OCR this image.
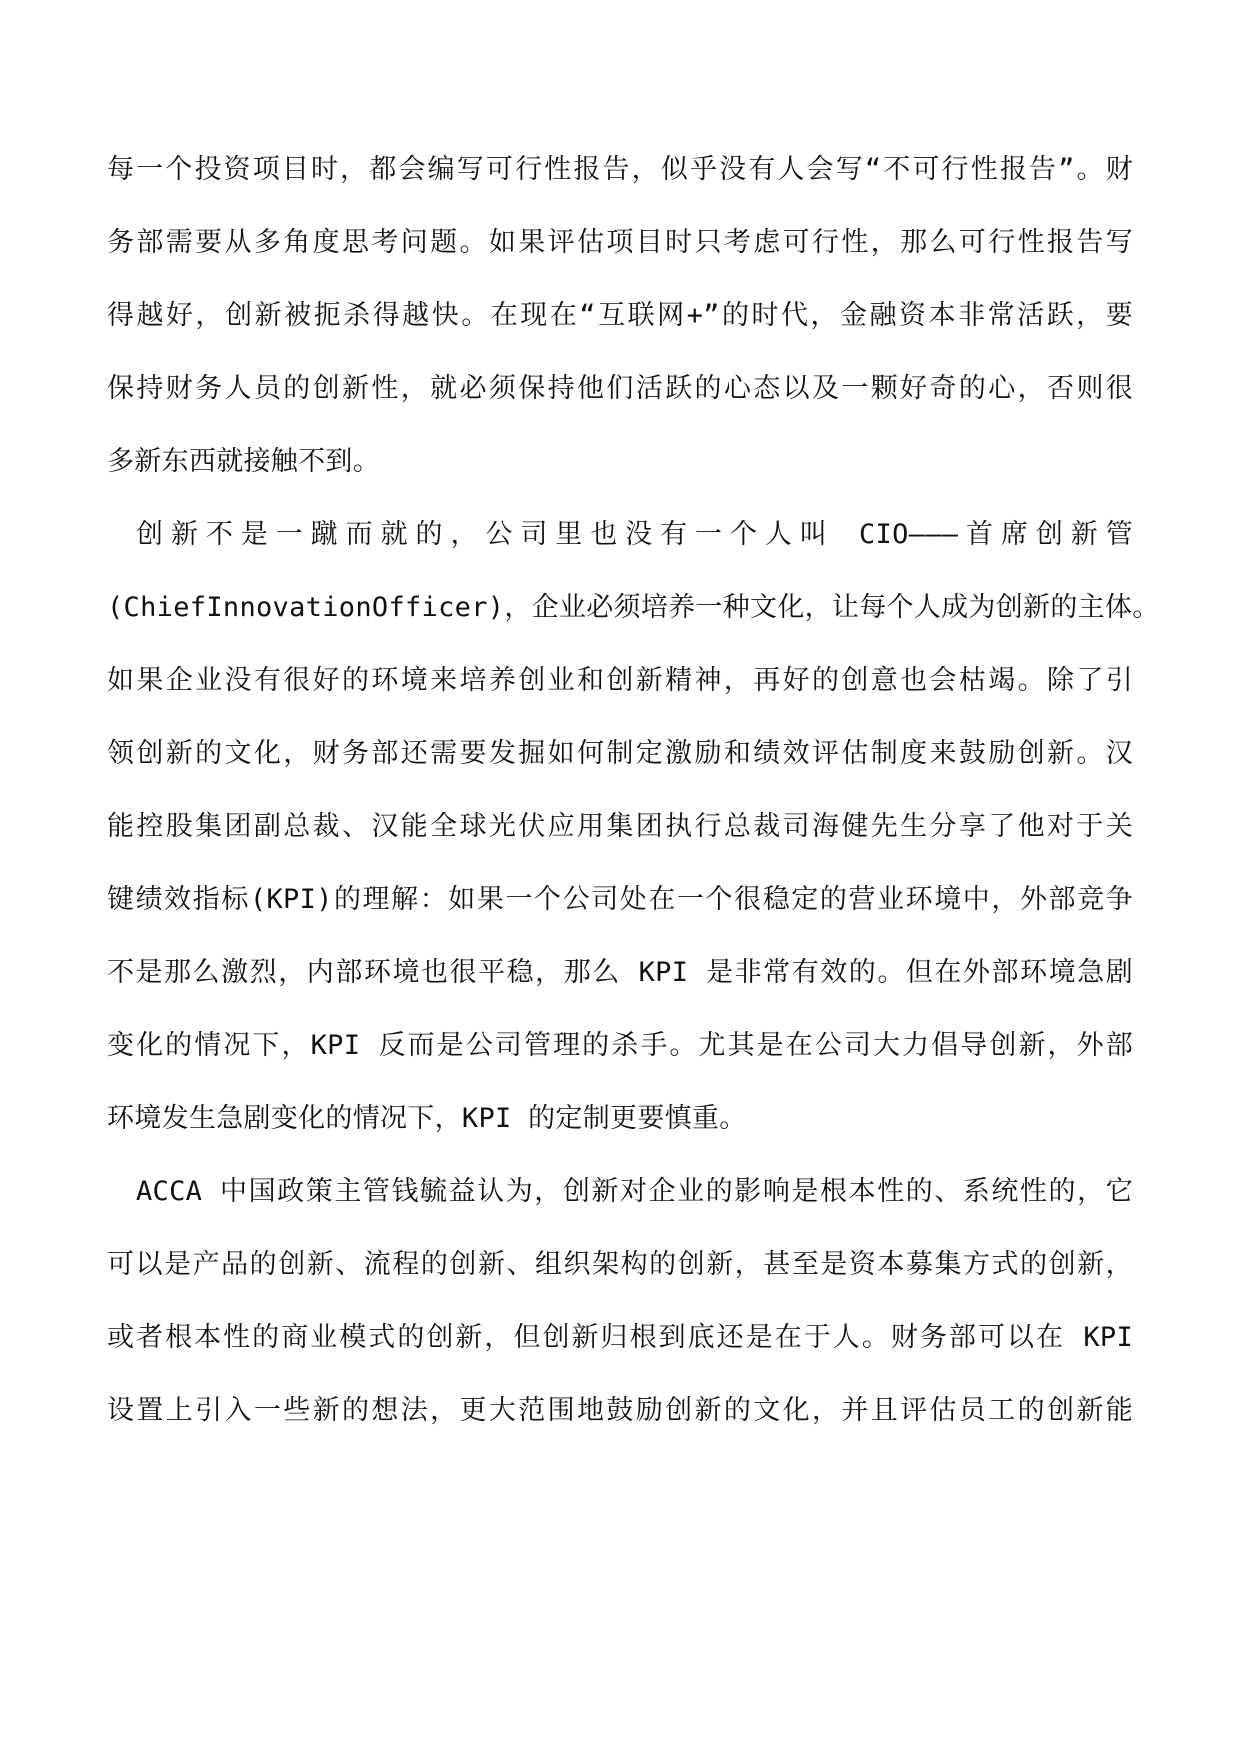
每一个投资项目时，都会编写可行性报告，似乎没有人会写“不可行性报告”。财
务部需要从多角度思考问题。如果评估项目时只考虑可行性，那么可行性报告写
得越好，创新被扼杀得越快。在现在“互联网+”的时代，金融资本非常活跃，要
保持财务人员的创新性，就必须保持他们活跃的心态以及一颗好奇的心，否则很
多新东西就接触不到。
创新不是一蹴而就的，公司里也没有一个人叫 CIO———首席创新管
(ChiefInnovationOfficer)，企业必须培养一种文化，让每个人成为创新的主体。
如果企业没有很好的环境来培养创业和创新精神，再好的创意也会枯竭。除了引
领创新的文化，财务部还需要发掘如何制定激励和绩效评估制度来鼓励创新。汉
能控股集团副总裁、汉能全球光伏应用集团执行总裁司海健先生分享了他对于关
键绩效指标(KPI)的理解：如果一个公司处在一个很稳定的营业环境中，外部竞争
不是那么激烈，内部环境也很平稳，那么 KPI 是非常有效的。但在外部环境急剧
变化的情况下，KPI 反而是公司管理的杀手。尤其是在公司大力倡导创新，外部
环境发生急剧变化的情况下，KPI 的定制更要慎重。
ACCA 中国政策主管钱毓益认为，创新对企业的影响是根本性的、系统性的，它
可以是产品的创新、流程的创新、组织架构的创新，甚至是资本募集方式的创新，
或者根本性的商业模式的创新，但创新归根到底还是在于人。财务部可以在 KPI
设置上引入一些新的想法，更大范围地鼓励创新的文化，并且评估员工的创新能
